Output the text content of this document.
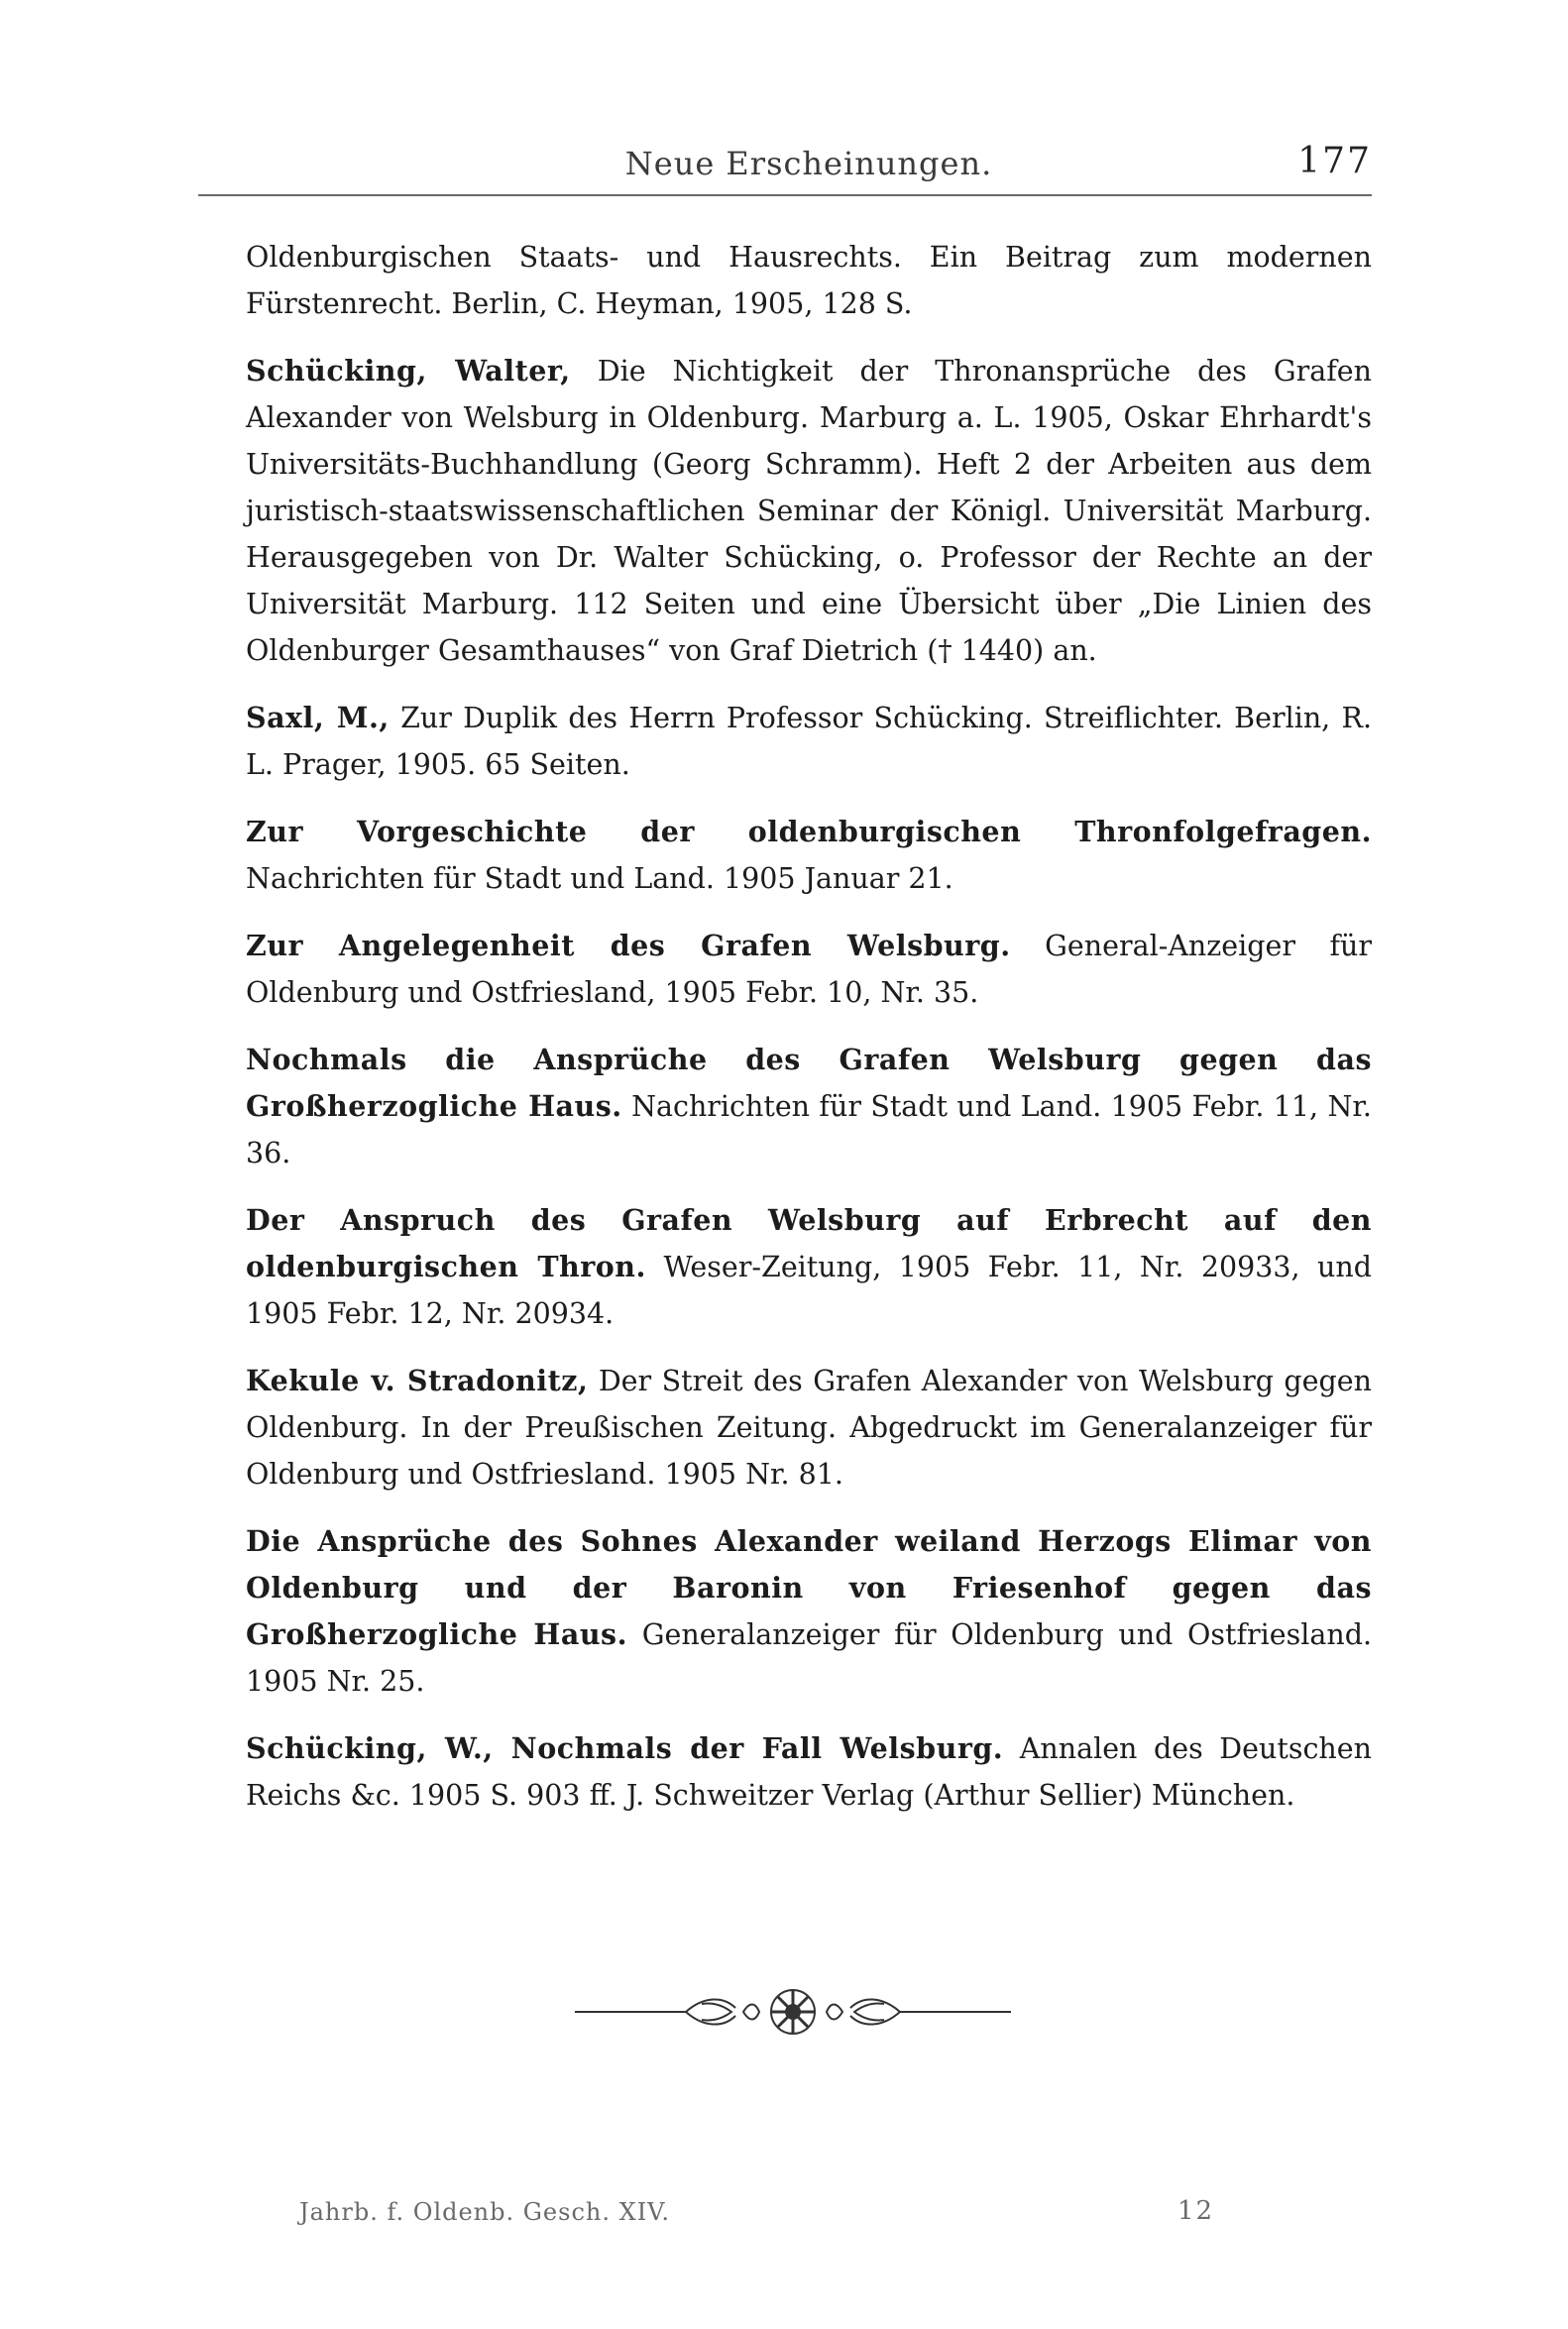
Neue Erscheinungen.	177

Oldenburgischen Staats- und Hausrechts. Ein Beitrag zum modernen Fürstenrecht. Berlin, C. Heyman, 1905, 128 S.

Schücking, Walter, Die Nichtigkeit der Thronansprüche des Grafen Alexander von Welsburg in Oldenburg. Marburg a. L. 1905, Oskar Ehrhardt's Universitäts-Buchhandlung (Georg Schramm). Heft 2 der Arbeiten aus dem juristisch-staatswissenschaftlichen Seminar der Königl. Universität Marburg. Herausgegeben von Dr. Walter Schücking, o. Professor der Rechte an der Universität Marburg. 112 Seiten und eine Übersicht über „Die Linien des Oldenburger Gesamthauses“ von Graf Dietrich († 1440) an.

Saxl, M., Zur Duplik des Herrn Professor Schücking. Streiflichter. Berlin, R. L. Prager, 1905. 65 Seiten.

Zur Vorgeschichte der oldenburgischen Thronfolgefragen. Nachrichten für Stadt und Land. 1905 Januar 21.

Zur Angelegenheit des Grafen Welsburg. General-Anzeiger für Oldenburg und Ostfriesland, 1905 Febr. 10, Nr. 35.

Nochmals die Ansprüche des Grafen Welsburg gegen das Großherzogliche Haus. Nachrichten für Stadt und Land. 1905 Febr. 11, Nr. 36.

Der Anspruch des Grafen Welsburg auf Erbrecht auf den oldenburgischen Thron. Weser-Zeitung, 1905 Febr. 11, Nr. 20933, und 1905 Febr. 12, Nr. 20934.

Kekule v. Stradonitz, Der Streit des Grafen Alexander von Welsburg gegen Oldenburg. In der Preußischen Zeitung. Abgedruckt im Generalanzeiger für Oldenburg und Ostfriesland. 1905 Nr. 81.

Die Ansprüche des Sohnes Alexander weiland Herzogs Elimar von Oldenburg und der Baronin von Friesenhof gegen das Großherzogliche Haus. Generalanzeiger für Oldenburg und Ostfriesland. 1905 Nr. 25.

Schücking, W., Nochmals der Fall Welsburg. Annalen des Deutschen Reichs &c. 1905 S. 903 ff. J. Schweitzer Verlag (Arthur Sellier) München.

Jahrb. f. Oldenb. Gesch. XIV.	12
